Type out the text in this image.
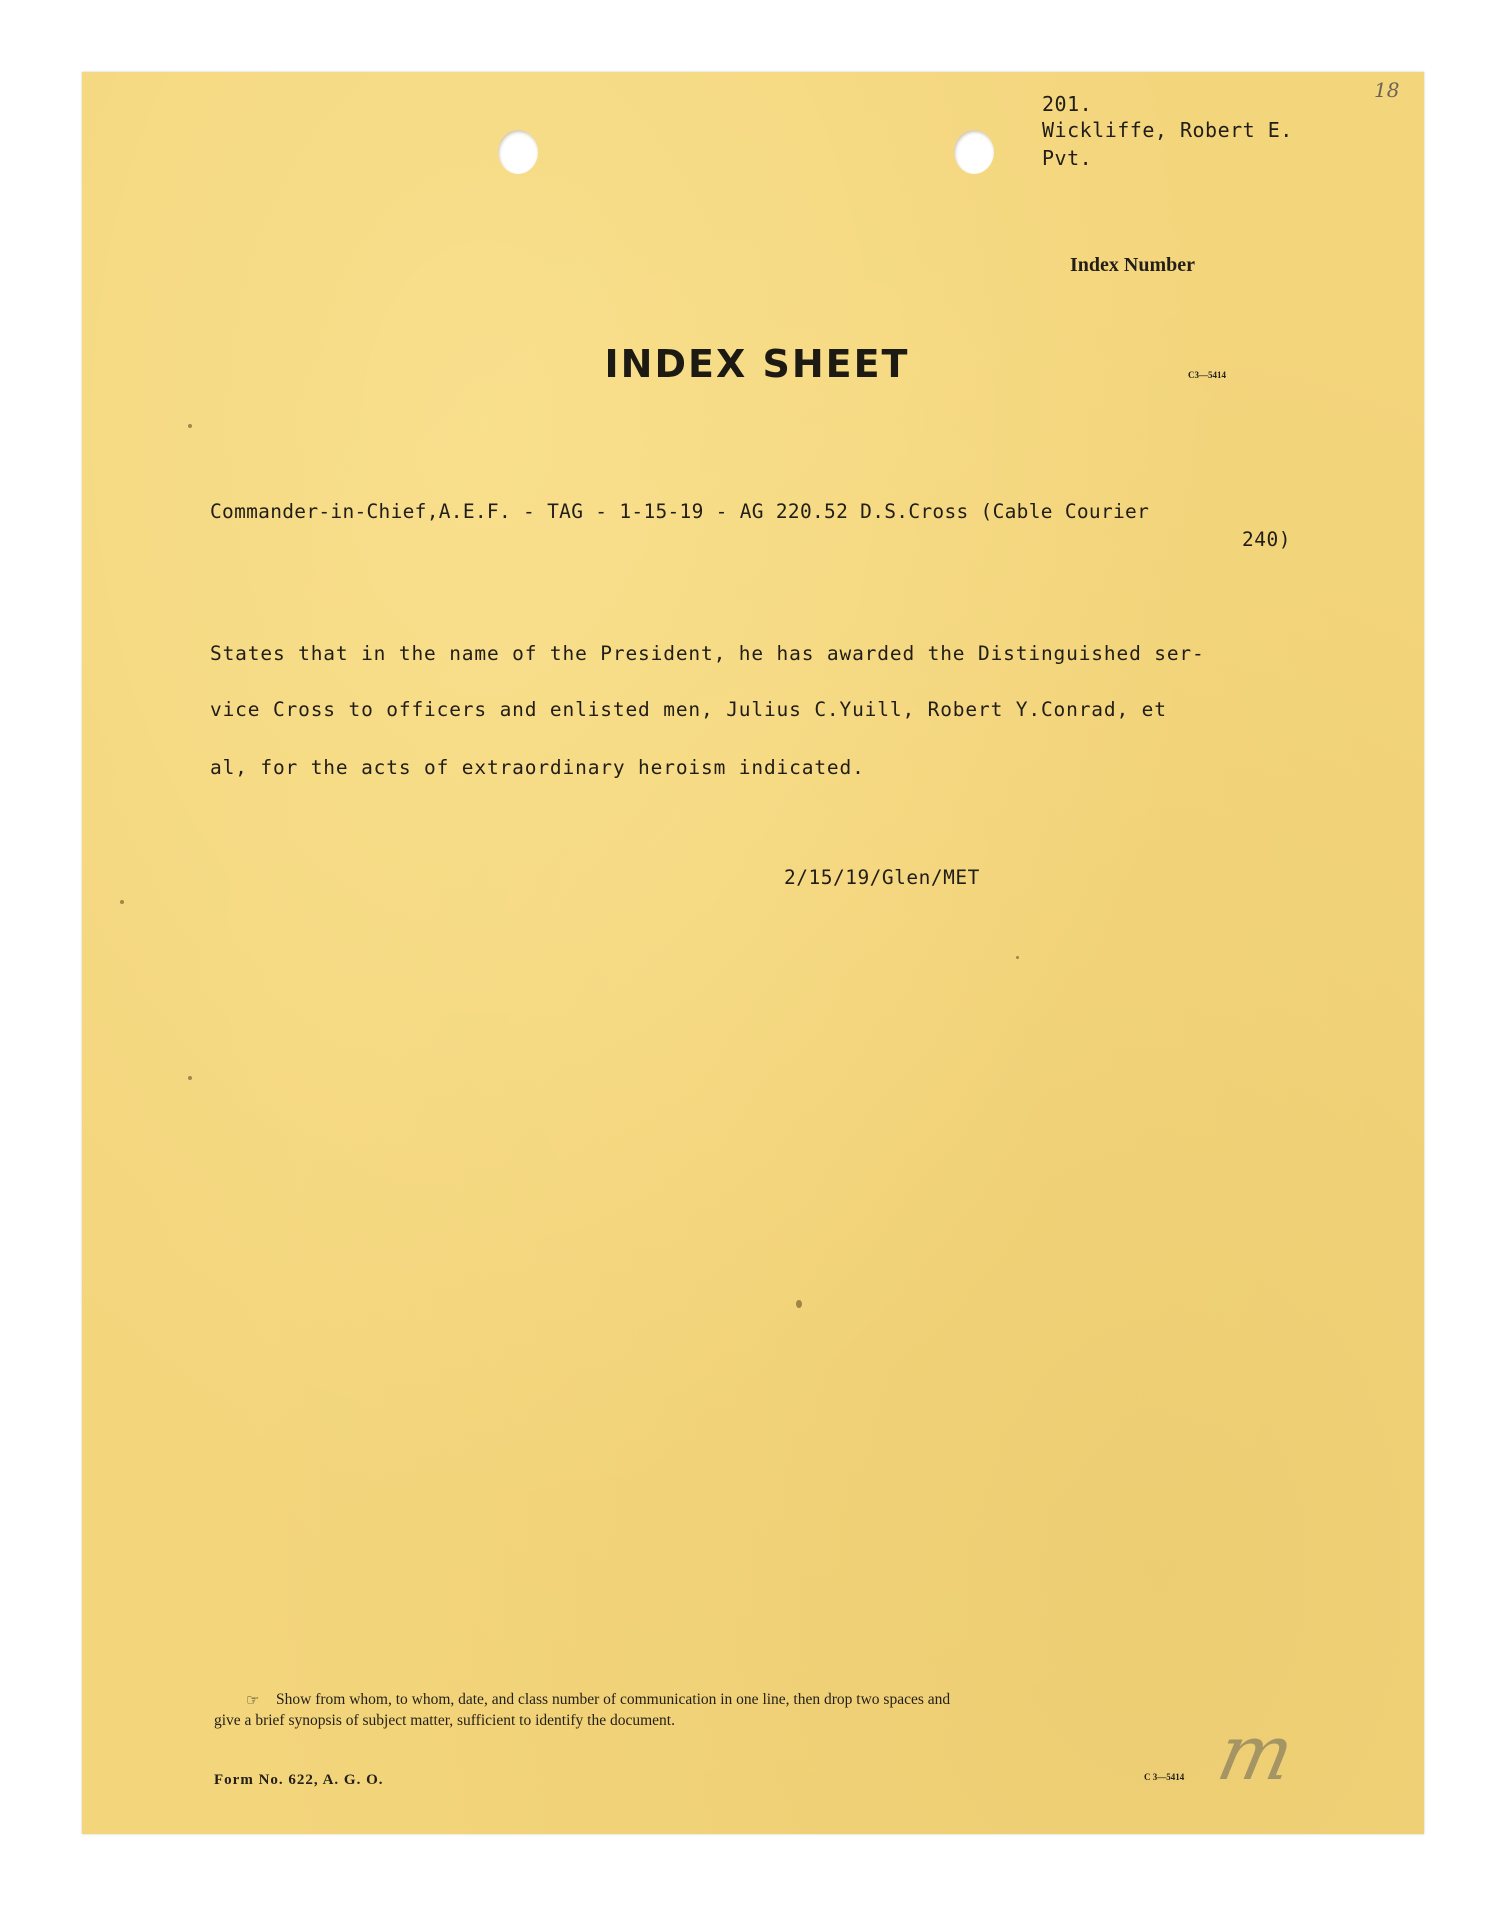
18
201.
Wickliffe, Robert E.
Pvt.
Index Number
INDEX SHEET	C3—5414
Commander-in-Chief,A.E.F. - TAG - 1-15-19 - AG 220.52 D.S.Cross (Cable Courier
240)
States that in the name of the President, he has awarded the Distinguished ser-
vice Cross to officers and enlisted men, Julius C.Yuill, Robert Y.Conrad, et
al, for the acts of extraordinary heroism indicated.
2/15/19/Glen/MET
☞ Show from whom, to whom, date, and class number of communication in one line, then drop two spaces and
give a brief synopsis of subject matter, sufficient to identify the document.
Form No. 622, A. G. O.	C 3—5414 m
